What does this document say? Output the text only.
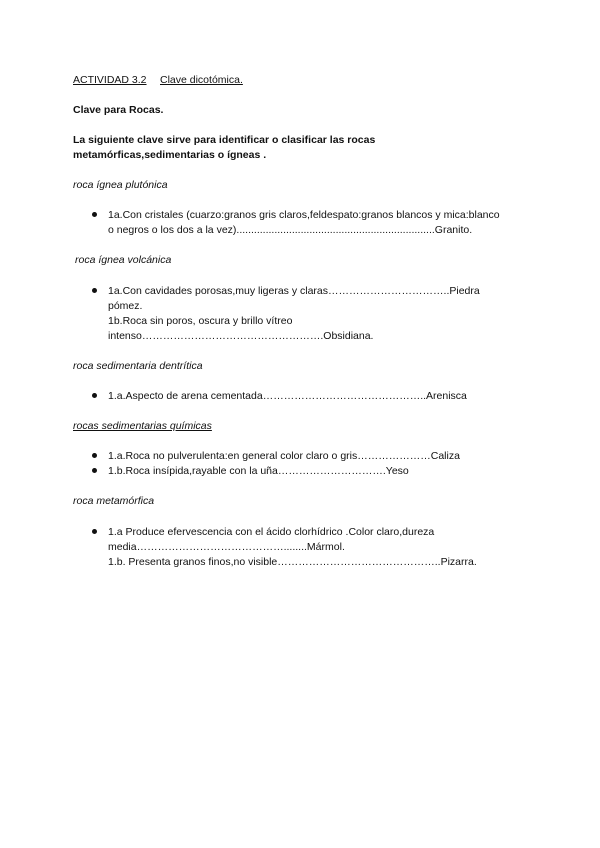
ACTIVIDAD 3.2 Clave dicotómica.
Clave para Rocas.
La siguiente clave sirve para identificar o clasificar las rocas
metamórficas,sedimentarias o ígneas .
roca ígnea plutónica
1a.Con cristales (cuarzo:granos gris claros,feldespato:granos blancos y mica:blanco
o negros o los dos a la vez)....................................................................Granito.
roca ígnea volcánica
1a.Con cavidades porosas,muy ligeras y claras……………………………..Piedra
pómez.
1b.Roca sin poros, oscura y brillo vítreo
intenso…………………………………………….Obsidiana.
roca sedimentaria dentrítica
1.a.Aspecto de arena cementada………………………………………..Arenisca
rocas sedimentarias químicas
1.a.Roca no pulverulenta:en general color claro o gris…………………Caliza
1.b.Roca insípida,rayable con la uña………………………….Yeso
roca metamórfica
1.a Produce efervescencia con el ácido clorhídrico .Color claro,dureza
media……………………………………........Mármol.
1.b. Presenta granos finos,no visible………………………………………..Pizarra.
